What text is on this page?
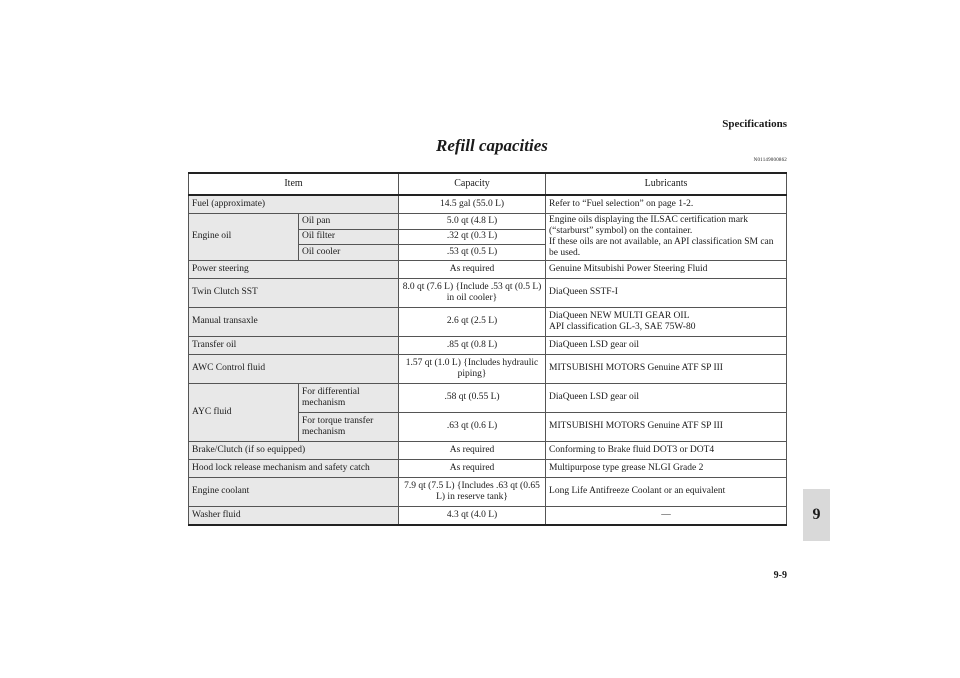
Specifications
Refill capacities
N01149000862
Item		Capacity	Lubricants
Fuel (approximate)		14.5 gal (55.0 L)	Refer to “Fuel selection” on page 1-2.
Engine oil	Oil pan	5.0 qt (4.8 L)	Engine oils displaying the ILSAC certification mark (“starburst” symbol) on the container.
If these oils are not available, an API classification SM can be used.
	Oil filter	.32 qt (0.3 L)	
	Oil cooler	.53 qt (0.5 L)	
Power steering		As required	Genuine Mitsubishi Power Steering Fluid
Twin Clutch SST		8.0 qt (7.6 L) {Include .53 qt (0.5 L) in oil cooler}	DiaQueen SSTF-I
Manual transaxle		2.6 qt (2.5 L)	DiaQueen NEW MULTI GEAR OIL
API classification GL-3, SAE 75W-80
Transfer oil		.85 qt (0.8 L)	DiaQueen LSD gear oil
AWC Control fluid		1.57 qt (1.0 L) {Includes hydraulic piping}	MITSUBISHI MOTORS Genuine ATF SP III
AYC fluid	For differential mechanism	.58 qt (0.55 L)	DiaQueen LSD gear oil
	For torque transfer mechanism	.63 qt (0.6 L)	MITSUBISHI MOTORS Genuine ATF SP III
Brake/Clutch (if so equipped)		As required	Conforming to Brake fluid DOT3 or DOT4
Hood lock release mechanism and safety catch		As required	Multipurpose type grease NLGI Grade 2
Engine coolant		7.9 qt (7.5 L) {Includes .63 qt (0.65 L) in reserve tank}	Long Life Antifreeze Coolant or an equivalent
Washer fluid		4.3 qt (4.0 L)	—	9
9-9
